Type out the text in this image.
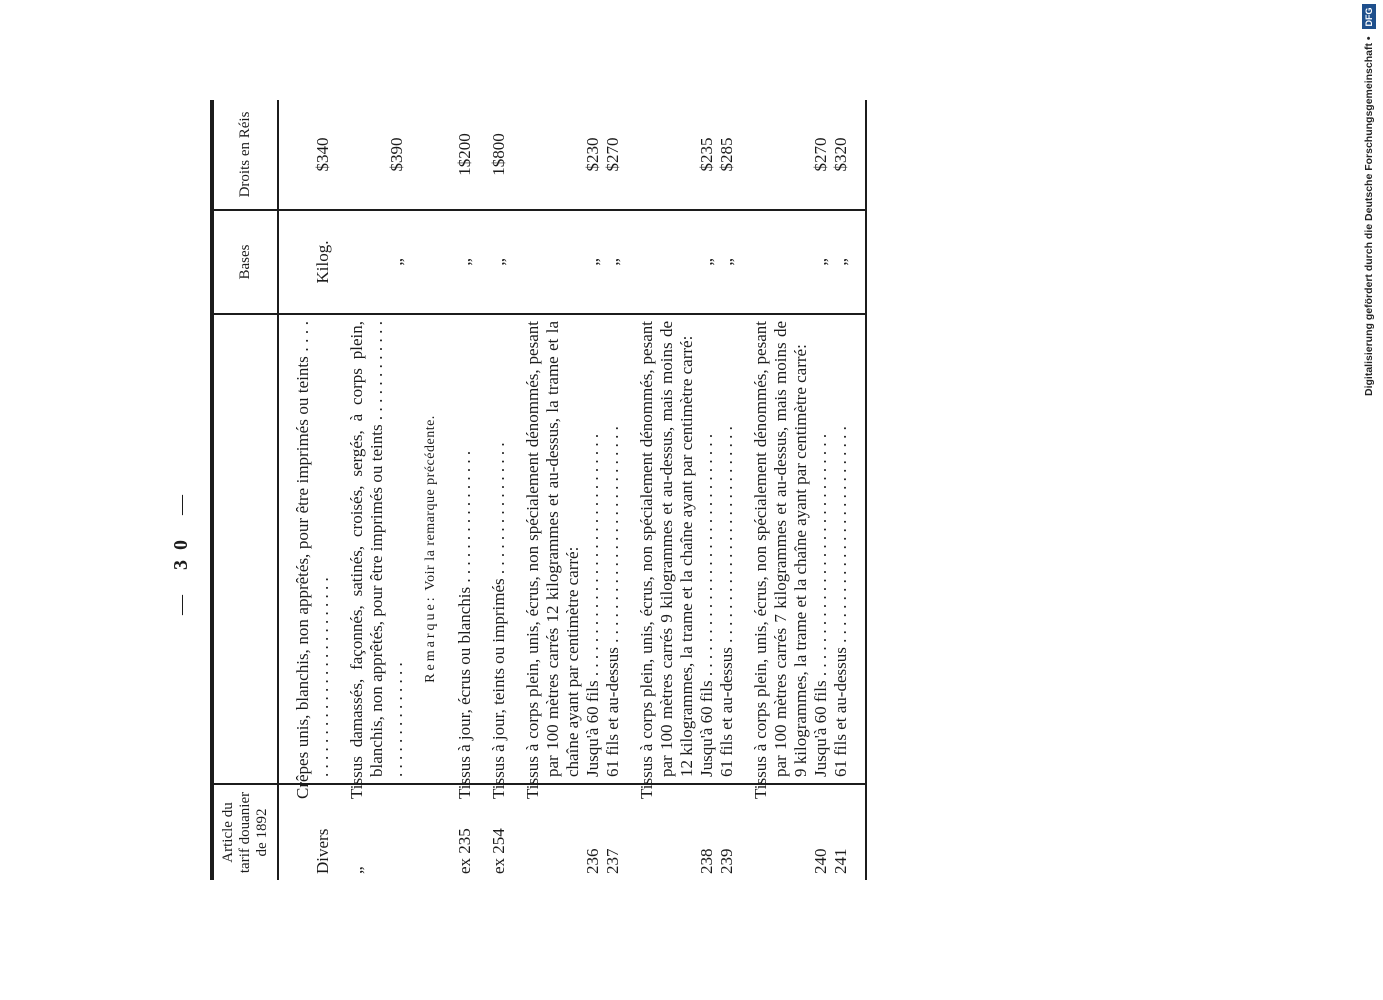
— 30 —
Article du tarif douanier de 1892		Bases	Droits en Réis

Divers	Crêpes unis, blanchis, non apprêtés, pour être imprimés ou teints . . . . . . . . . . . . . . . . . . . . . . . . . . . .	Kilog.	$340

„	Tissus damassés, façonnés, satinés, croisés, sergés, à corps plein, blanchis, non apprêtés, pour être imprimés ou teints . . . . . . . . . . . . . . . . . . . . . . . . . .	„	$390

	Remarque: Voir la remarque précédente.		

ex 235	Tissus à jour, écrus ou blanchis . . . . . . . . . . . . . . . .	„	1$200

ex 254	Tissus à jour, teints ou imprimés . . . . . . . . . . . . . . . .	„	1$800

	Tissus à corps plein, unis, écrus, non spécialement dénommés, pesant par 100 mètres carrés 12 kilogrammes et au-dessus, la trame et la chaîne ayant par centimètre carré:		
236	Jusqu'à 60 fils . . . . . . . . . . . . . . . . . . . . . . . . . . . . .	„	$230
237	61 fils et au-dessus . . . . . . . . . . . . . . . . . . . . . . . . . .	„	$270

	Tissus à corps plein, unis, écrus, non spécialement dénommés, pesant par 100 mètres carrés 9 kilogrammes et au-dessus, mais moins de 12 kilogrammes, la trame et la chaîne ayant par centimètre carré:		
238	Jusqu'à 60 fils . . . . . . . . . . . . . . . . . . . . . . . . . . . . .	„	$235
239	61 fils et au-dessus . . . . . . . . . . . . . . . . . . . . . . . . . .	„	$285

	Tissus à corps plein, unis, écrus, non spécialement dénommés, pesant par 100 mètres carrés 7 kilogrammes et au-dessus, mais moins de 9 kilogrammes, la trame et la chaîne ayant par centimètre carré:		
240	Jusqu'à 60 fils . . . . . . . . . . . . . . . . . . . . . . . . . . . . .	„	$270
241	61 fils et au-dessus . . . . . . . . . . . . . . . . . . . . . . . . . .	„	$320
				Digitalisierung gefördert durch die Deutsche Forschungsgemeinschaft • DFG
